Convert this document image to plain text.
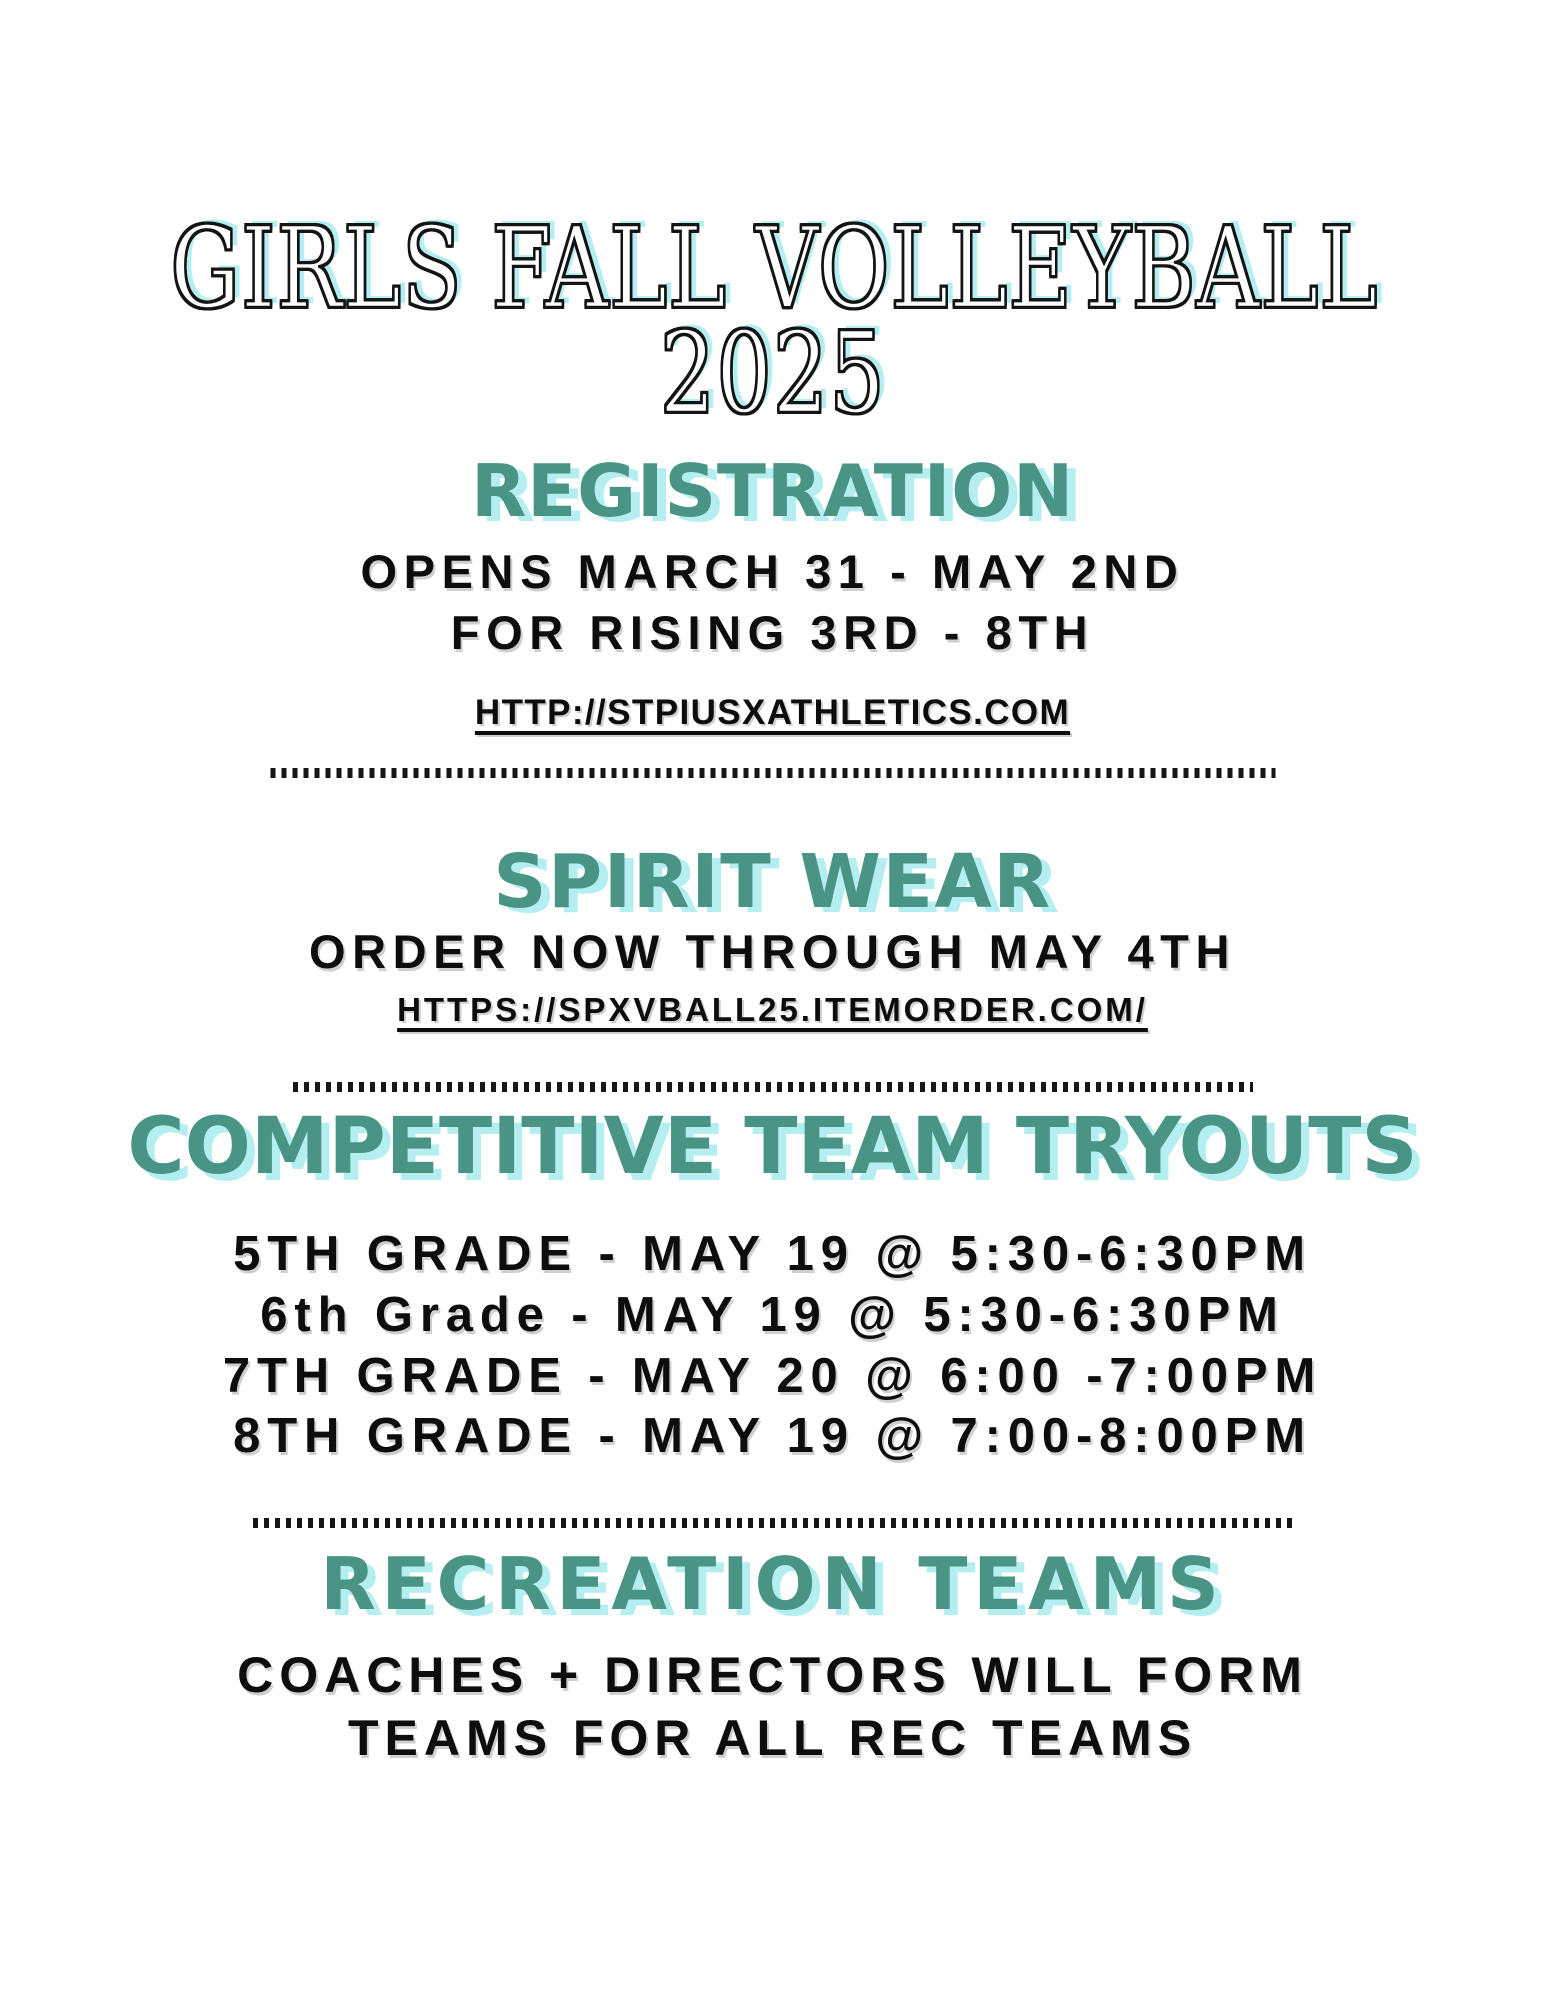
GIRLS FALL VOLLEYBALL
2025
REGISTRATION
OPENS MARCH 31 - MAY 2ND
FOR RISING 3RD - 8TH
HTTP://STPIUSXATHLETICS.COM
SPIRIT WEAR
ORDER NOW THROUGH MAY 4TH
HTTPS://SPXVBALL25.ITEMORDER.COM/
COMPETITIVE TEAM TRYOUTS
5TH GRADE - MAY 19 @ 5:30-6:30PM
6th Grade - MAY 19 @ 5:30-6:30PM
7TH GRADE - MAY 20 @ 6:00 -7:00PM
8TH GRADE - MAY 19 @ 7:00-8:00PM
RECREATION TEAMS
COACHES + DIRECTORS WILL FORM
TEAMS FOR ALL REC TEAMS
